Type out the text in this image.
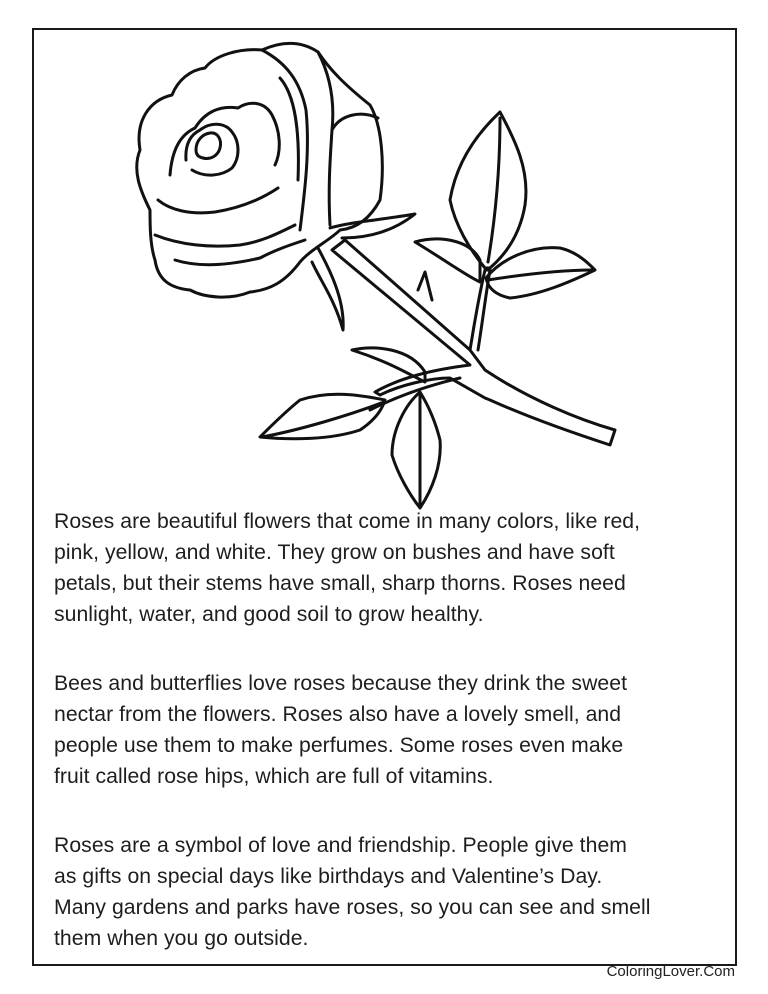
Roses are beautiful flowers that come in many colors, like red,
pink, yellow, and white. They grow on bushes and have soft
petals, but their stems have small, sharp thorns. Roses need
sunlight, water, and good soil to grow healthy.
Bees and butterflies love roses because they drink the sweet
nectar from the flowers. Roses also have a lovely smell, and
people use them to make perfumes. Some roses even make
fruit called rose hips, which are full of vitamins.
Roses are a symbol of love and friendship. People give them
as gifts on special days like birthdays and Valentine’s Day.
Many gardens and parks have roses, so you can see and smell
them when you go outside.
ColoringLover.Com
